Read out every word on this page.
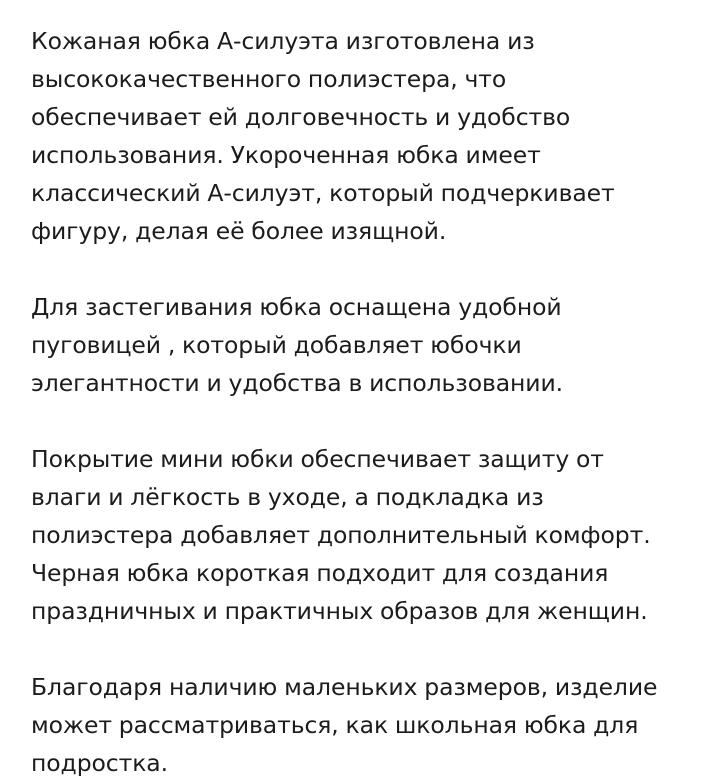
Кожаная юбка А-силуэта изготовлена из
высококачественного полиэстера, что
обеспечивает ей долговечность и удобство
использования. Укороченная юбка имеет
классический А-силуэт, который подчеркивает
фигуру, делая её более изящной.

Для застегивания юбка оснащена удобной
пуговицей , который добавляет юбочки
элегантности и удобства в использовании.

Покрытие мини юбки обеспечивает защиту от
влаги и лёгкость в уходе, а подкладка из
полиэстера добавляет дополнительный комфорт.
Черная юбка короткая подходит для создания
праздничных и практичных образов для женщин.

Благодаря наличию маленьких размеров, изделие
может рассматриваться, как школьная юбка для
подростка.
